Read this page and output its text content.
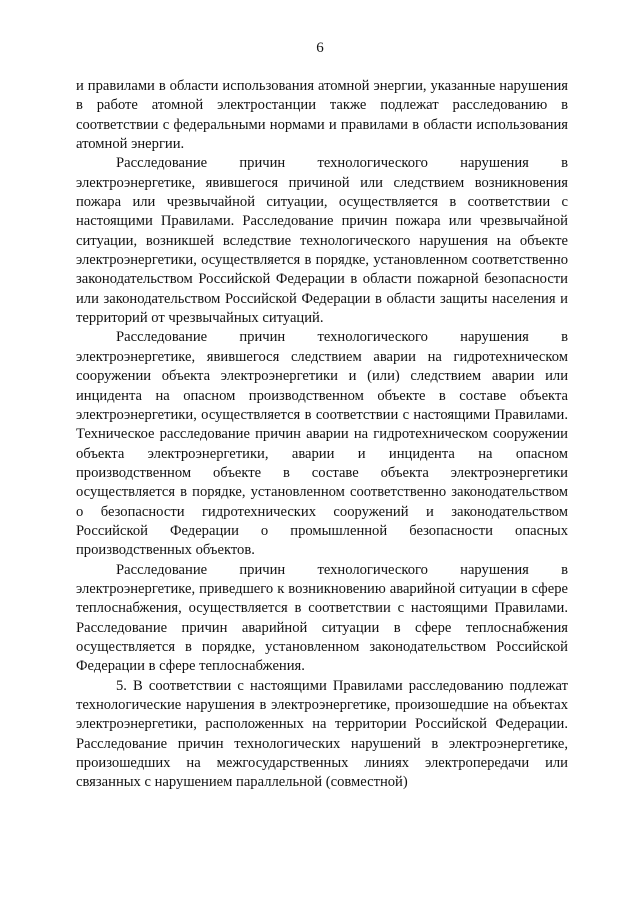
6

и правилами в области использования атомной энергии, указанные нарушения в работе атомной электростанции также подлежат расследованию в соответствии с федеральными нормами и правилами в области использования атомной энергии.

Расследование причин технологического нарушения в электроэнергетике, явившегося причиной или следствием возникновения пожара или чрезвычайной ситуации, осуществляется в соответствии с настоящими Правилами. Расследование причин пожара или чрезвычайной ситуации, возникшей вследствие технологического нарушения на объекте электроэнергетики, осуществляется в порядке, установленном соответственно законодательством Российской Федерации в области пожарной безопасности или законодательством Российской Федерации в области защиты населения и территорий от чрезвычайных ситуаций.

Расследование причин технологического нарушения в электроэнергетике, явившегося следствием аварии на гидротехническом сооружении объекта электроэнергетики и (или) следствием аварии или инцидента на опасном производственном объекте в составе объекта электроэнергетики, осуществляется в соответствии с настоящими Правилами. Техническое расследование причин аварии на гидротехническом сооружении объекта электроэнергетики, аварии и инцидента на опасном производственном объекте в составе объекта электроэнергетики осуществляется в порядке, установленном соответственно законодательством о безопасности гидротехнических сооружений и законодательством Российской Федерации о промышленной безопасности опасных производственных объектов.

Расследование причин технологического нарушения в электроэнергетике, приведшего к возникновению аварийной ситуации в сфере теплоснабжения, осуществляется в соответствии с настоящими Правилами. Расследование причин аварийной ситуации в сфере теплоснабжения осуществляется в порядке, установленном законодательством Российской Федерации в сфере теплоснабжения.

5. В соответствии с настоящими Правилами расследованию подлежат технологические нарушения в электроэнергетике, произошедшие на объектах электроэнергетики, расположенных на территории Российской Федерации. Расследование причин технологических нарушений в электроэнергетике, произошедших на межгосударственных линиях электропередачи или связанных с нарушением параллельной (совместной)
